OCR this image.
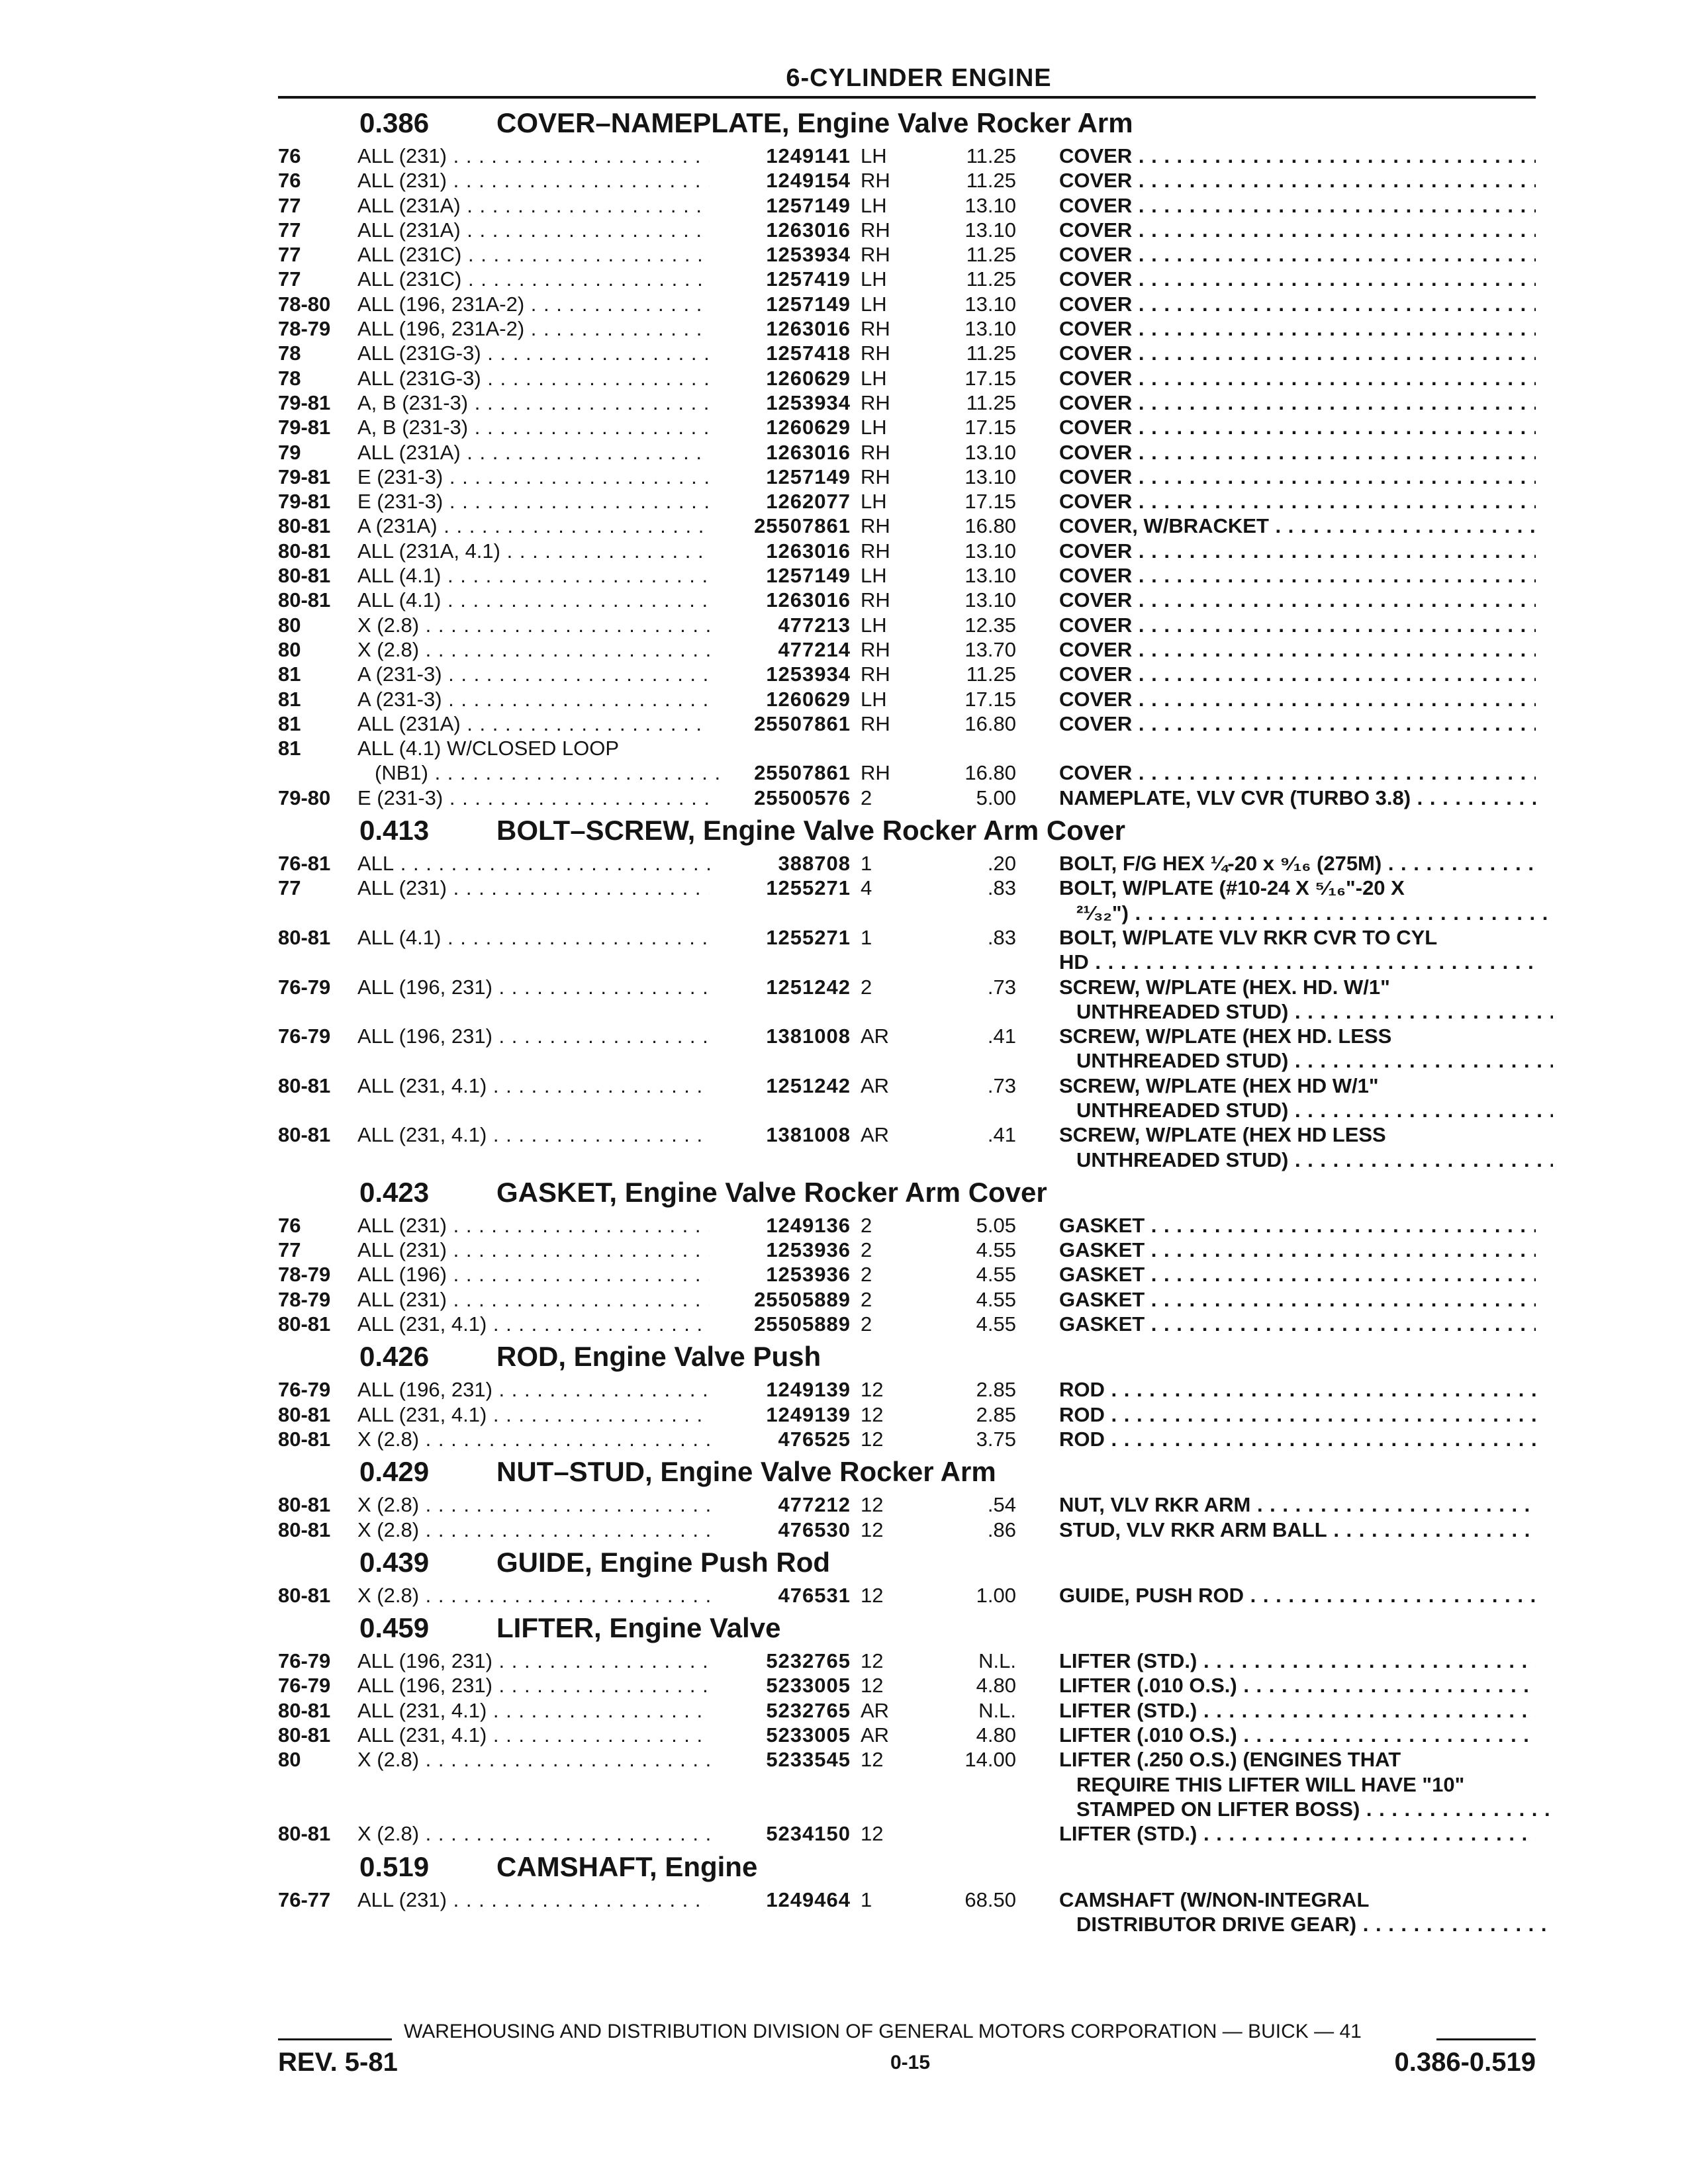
6-CYLINDER ENGINE
0.386 COVER–NAMEPLATE, Engine Valve Rocker Arm
76	ALL (231) . . .	1249141 LH	11.25 COVER . . .
76	ALL (231) . . .	1249154 RH	11.25 COVER . . .
77	ALL (231A) . . .	1257149 LH	13.10 COVER . . .
77	ALL (231A) . . .	1263016 RH	13.10 COVER . . .
77	ALL (231C) . . .	1253934 RH	11.25 COVER . . .
77	ALL (231C) . . .	1257419 LH	11.25 COVER . . .
78-80 ALL (196, 231A-2) . . .	1257149 LH	13.10 COVER . . .
78-79 ALL (196, 231A-2) . . .	1263016 RH	13.10 COVER . . .
78	ALL (231G-3) . . .	1257418 RH	11.25 COVER . . .
78	ALL (231G-3) . . .	1260629 LH	17.15 COVER . . .
79-81 A, B (231-3) . . .	1253934 RH	11.25 COVER . . .
79-81 A, B (231-3) . . .	1260629 LH	17.15 COVER . . .
79	ALL (231A) . . .	1263016 RH	13.10 COVER . . .
79-81 E (231-3) . . .	1257149 RH	13.10 COVER . . .
79-81 E (231-3) . . .	1262077 LH	17.15 COVER . . .
80-81 A (231A) . . .	25507861 RH	16.80 COVER, W/BRACKET . . .
80-81 ALL (231A, 4.1) . . .	1263016 RH	13.10 COVER . . .
80-81 ALL (4.1) . . .	1257149 LH	13.10 COVER . . .
80-81 ALL (4.1) . . .	1263016 RH	13.10 COVER . . .
80	X (2.8) . . .	477213 LH	12.35 COVER . . .
80	X (2.8) . . .	477214 RH	13.70 COVER . . .
81	A (231-3) . . .	1253934 RH	11.25 COVER . . .
81	A (231-3) . . .	1260629 LH	17.15 COVER . . .
81	ALL (231A) . . .	25507861 RH	16.80 COVER . . .
81	ALL (4.1) W/CLOSED LOOP
(NB1) . . .	25507861 RH	16.80 COVER . . .
79-80 E (231-3) . . .	25500576 2	5.00 NAMEPLATE, VLV CVR (TURBO 3.8) . . .
0.413 BOLT–SCREW, Engine Valve Rocker Arm Cover
76-81 ALL . . .	388708 1	.20 BOLT, F/G HEX ¼-20 x ⁹⁄₁₆ (275M) . . .
77	ALL (231) . . .	1255271 4	.83 BOLT, W/PLATE (#10-24 X ⁵⁄₁₆"-20 X
²¹⁄₃₂") . . .
80-81 ALL (4.1) . . .	1255271 1	.83 BOLT, W/PLATE VLV RKR CVR TO CYL
HD . . .
76-79 ALL (196, 231) . . .	1251242 2	.73 SCREW, W/PLATE (HEX. HD. W/1"
UNTHREADED STUD) . . .
76-79 ALL (196, 231) . . .	1381008 AR	.41 SCREW, W/PLATE (HEX HD. LESS
UNTHREADED STUD) . . .
80-81 ALL (231, 4.1) . . .	1251242 AR	.73 SCREW, W/PLATE (HEX HD W/1"
UNTHREADED STUD) . . .
80-81 ALL (231, 4.1) . . .	1381008 AR	.41 SCREW, W/PLATE (HEX HD LESS
UNTHREADED STUD) . . .
0.423 GASKET, Engine Valve Rocker Arm Cover
76	ALL (231) . . .	1249136 2	5.05 GASKET . . .
77	ALL (231) . . .	1253936 2	4.55 GASKET . . .
78-79 ALL (196) . . .	1253936 2	4.55 GASKET . . .
78-79 ALL (231) . . .	25505889 2	4.55 GASKET . . .
80-81 ALL (231, 4.1) . . .	25505889 2	4.55 GASKET . . .
0.426 ROD, Engine Valve Push
76-79 ALL (196, 231) . . .	1249139 12	2.85 ROD . . .
80-81 ALL (231, 4.1) . . .	1249139 12	2.85 ROD . . .
80-81 X (2.8) . . .	476525 12	3.75 ROD . . .
0.429 NUT–STUD, Engine Valve Rocker Arm
80-81 X (2.8) . . .	477212 12	.54 NUT, VLV RKR ARM . . .
80-81 X (2.8) . . .	476530 12	.86 STUD, VLV RKR ARM BALL . . .
0.439 GUIDE, Engine Push Rod
80-81 X (2.8) . . .	476531 12	1.00 GUIDE, PUSH ROD . . .
0.459 LIFTER, Engine Valve
76-79 ALL (196, 231) . . .	5232765 12	N.L. LIFTER (STD.) . . .
76-79 ALL (196, 231) . . .	5233005 12	4.80 LIFTER (.010 O.S.) . . .
80-81 ALL (231, 4.1) . . .	5232765 AR	N.L. LIFTER (STD.) . . .
80-81 ALL (231, 4.1) . . .	5233005 AR	4.80 LIFTER (.010 O.S.) . . .
80	X (2.8) . . .	5233545 12	14.00 LIFTER (.250 O.S.) (ENGINES THAT
REQUIRE THIS LIFTER WILL HAVE "10"
STAMPED ON LIFTER BOSS) . . .
80-81 X (2.8) . . .	5234150 12	LIFTER (STD.) . . .
0.519 CAMSHAFT, Engine
76-77 ALL (231) . . .	1249464 1	68.50 CAMSHAFT (W/NON-INTEGRAL
DISTRIBUTOR DRIVE GEAR) . . .
WAREHOUSING AND DISTRIBUTION DIVISION OF GENERAL MOTORS CORPORATION — BUICK — 41
REV. 5-81	0-15	0.386-0.519
